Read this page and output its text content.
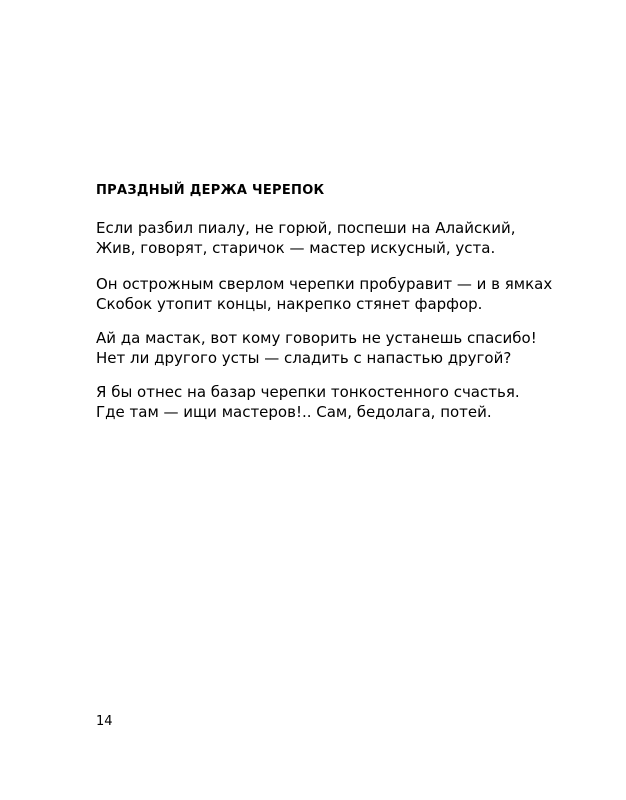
ПРАЗДНЫЙ ДЕРЖА ЧЕРЕПОК

Если разбил пиалу, не горюй, поспеши на Алайский,
Жив, говорят, старичок — мастер искусный, уста.

Он острожным сверлом черепки пробуравит — и в ямках
Скобок утопит концы, накрепко стянет фарфор.

Ай да мастак, вот кому говорить не устанешь спасибо!
Нет ли другого усты — сладить с напастью другой?

Я бы отнес на базар черепки тонкостенного счастья.
Где там — ищи мастеров!.. Сам, бедолага, потей.

14
